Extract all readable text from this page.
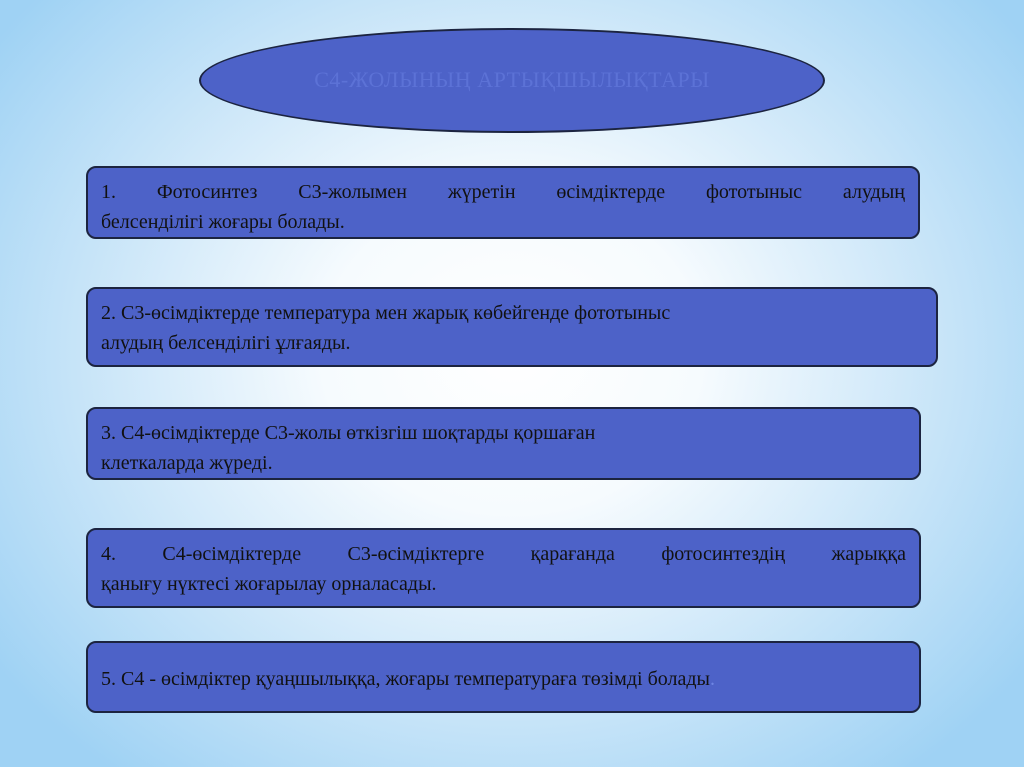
С4-ЖОЛЫНЫҢ АРТЫҚШЫЛЫҚТАРЫ
1. Фотосинтез С3-жолымен жүретін өсімдіктерде фототыныс алудың
белсенділігі жоғары болады.
2. С3-өсімдіктерде температура мен жарық көбейгенде фототыныс
алудың белсенділігі ұлғаяды.
3. С4-өсімдіктерде С3-жолы өткізгіш шоқтарды қоршаған
клеткаларда жүреді.
4. С4-өсімдіктерде С3-өсімдіктерге қарағанда фотосинтездің жарыққа
қанығу нүктесі жоғарылау орналасады.
5. С4 - өсімдіктер қуаңшылыққа, жоғары температураға төзімді болады.
